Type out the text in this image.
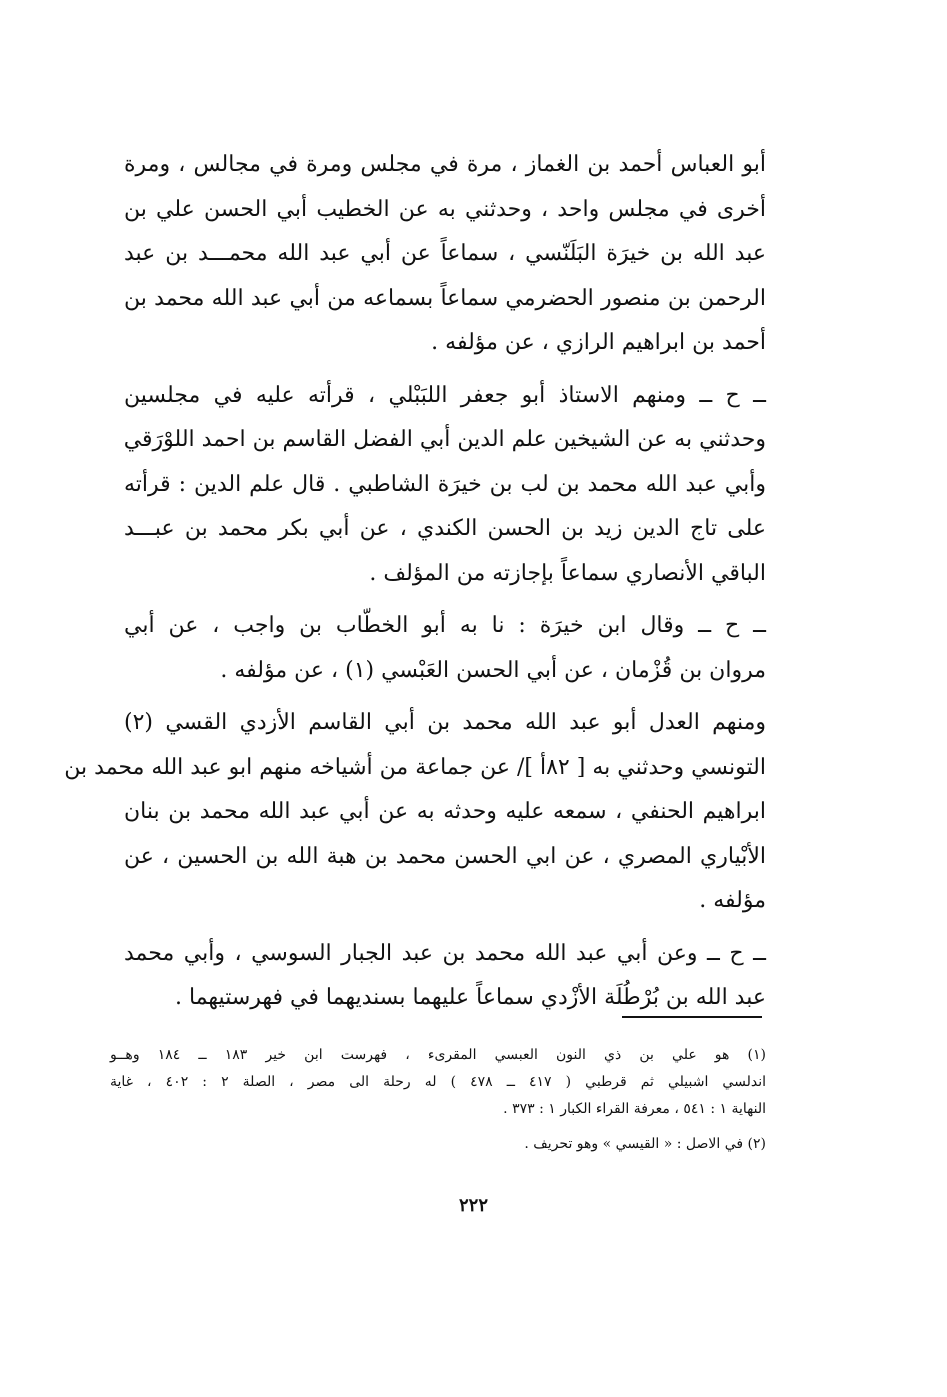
أبو العباس أحمد بن الغماز ، مرة في مجلس ومرة في مجالس ، ومرة
أخرى في مجلس واحد ، وحدثني به عن الخطيب أبي الحسن علي بن
عبد الله بن خيرَة البَلَنّسي ، سماعاً عن أبي عبد الله محمـــد بن عبد
الرحمن بن منصور الحضرمي سماعاً بسماعه من أبي عبد الله محمد بن
أحمد بن ابراهيم الرازي ، عن مؤلفه .
ــ ح ــ ومنهم الاستاذ أبو جعفر اللبَبْلي ، قرأته عليه في مجلسين
وحدثني به عن الشيخين علم الدين أبي الفضل القاسم بن احمد اللوْرَقي
وأبي عبد الله محمد بن لب بن خيرَة الشاطبي . قال علم الدين : قرأته
على تاج الدين زيد بن الحسن الكندي ، عن أبي بكر محمد بن عبـــد
الباقي الأنصاري سماعاً بإجازته من المؤلف .
ــ ح ــ وقال ابن خيرَة : نا به أبو الخطّاب بن واجب ، عن أبي
مروان بن قُزْمان ، عن أبي الحسن العَبْسي (١) ، عن مؤلفه .
ومنهم العدل أبو عبد الله محمد بن أبي القاسم الأزدي القسي (٢)
التونسي وحدثني به [ ٨٢أ ]/ عن جماعة من أشياخه منهم ابو عبد الله محمد بن
ابراهيم الحنفي ، سمعه عليه وحدثه به عن أبي عبد الله محمد بن بنان
الأبْياري المصري ، عن ابي الحسن محمد بن هبة الله بن الحسين ، عن
مؤلفه .
ــ ح ــ وعن أبي عبد الله محمد بن عبد الجبار السوسي ، وأبي محمد
عبد الله بن بُرْطُلَة الأزْدي سماعاً عليهما بسنديهما في فهرستيهما .
(١) هو علي بن ذي النون العبسي المقرىء ، فهرست ابن خير ١٨٣ ــ ١٨٤ وهــو
اندلسي اشبيلي ثم قرطبي ( ٤١٧ ــ ٤٧٨ ) له رحلة الى مصر ، الصلة ٢ : ٤٠٢ ، غاية
النهاية ١ : ٥٤١ ، معرفة القراء الكبار ١ : ٣٧٣ .
(٢) في الاصل : « القيسي » وهو تحريف .
٢٢٢
